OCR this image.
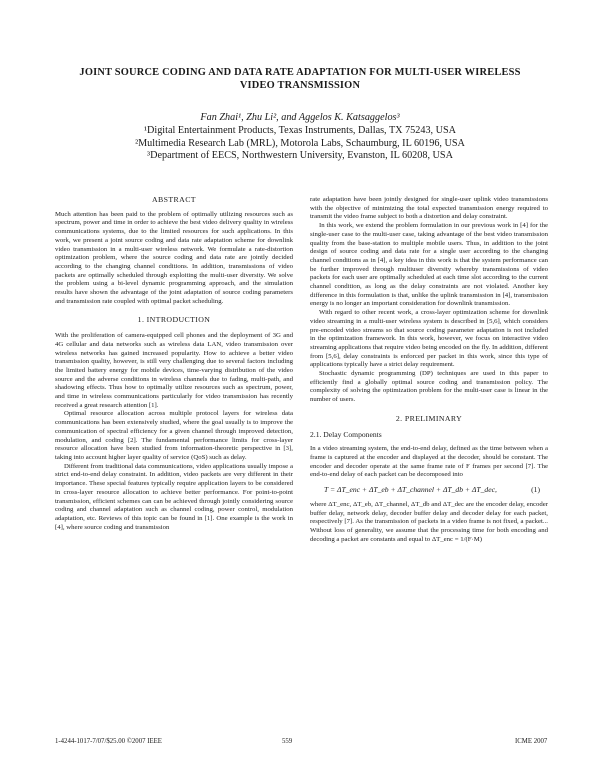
JOINT SOURCE CODING AND DATA RATE ADAPTATION FOR MULTI-USER WIRELESS
VIDEO TRANSMISSION

Fan Zhai¹, Zhu Li², and Aggelos K. Katsaggelos³

¹Digital Entertainment Products, Texas Instruments, Dallas, TX 75243, USA

²Multimedia Research Lab (MRL), Motorola Labs, Schaumburg, IL 60196, USA

³Department of EECS, Northwestern University, Evanston, IL 60208, USA

ABSTRACT

Much attention has been paid to the problem of optimally utilizing resources such as spectrum, power and time in order to achieve the best video delivery quality in wireless communications systems, due to the limited resources for such applications. In this work, we present a joint source coding and data rate adaptation scheme for downlink video transmission in a multi-user wireless network. We formulate a rate-distortion optimization problem, where the source coding and data rate are jointly decided according to the changing channel conditions. In addition, transmissions of video packets are optimally scheduled through exploiting the multi-user diversity. We solve the problem using a bi-level dynamic programming approach, and the simulation results have shown the advantage of the joint adaptation of source coding parameters and transmission rate coupled with optimal packet scheduling.

1. INTRODUCTION

With the proliferation of camera-equipped cell phones and the deployment of 3G and 4G cellular and data networks such as wireless data LAN, video transmission over wireless networks has gained increased popularity. How to achieve a better video transmission quality, however, is still very challenging due to several factors including the limited battery energy for mobile devices, time-varying distribution of the video source and the adverse conditions in wireless channels due to fading, multi-path, and shadowing effects. Thus how to optimally utilize resources such as spectrum, power, and time in wireless communications particularly for video transmission has recently received a great research attention [1].

Optimal resource allocation across multiple protocol layers for wireless data communications has been extensively studied, where the goal usually is to improve the communication of spectral efficiency for a given channel through improved detection, modulation, and coding [2]. The fundamental performance limits for cross-layer resource allocation have been studied from information-theoretic perspective in [3], taking into account higher layer quality of service (QoS) such as delay.

Different from traditional data communications, video applications usually impose a strict end-to-end delay constraint. In addition, video packets are very different in their importance. These special features typically require application layers to be considered in cross-layer resource allocation to achieve better performance. For point-to-point transmission, efficient schemes can can be achieved through jointly considering source coding and channel adaptation such as channel coding, power control, modulation adaptation, etc. Reviews of this topic can be found in [1]. One example is the work in [4], where source coding and transmission

rate adaptation have been jointly designed for single-user uplink video transmissions with the objective of minimizing the total expected transmission energy required to transmit the video frame subject to both a distortion and delay constraint.

In this work, we extend the problem formulation in our previous work in [4] for the single-user case to the multi-user case, taking advantage of the best video transmission quality from the base-station to multiple mobile users. Thus, in addition to the joint design of source coding and data rate for a single user according to the changing channel conditions as in [4], a key idea in this work is that the system performance can be further improved through multiuser diversity whereby transmissions of video packets for each user are optimally scheduled at each time slot according to the current channel condition, as long as the delay constraints are not violated. Another key difference in this formulation is that, unlike the uplink transmission in [4], transmission energy is no longer an important consideration for downlink transmission.

With regard to other recent work, a cross-layer optimization scheme for downlink video streaming in a multi-user wireless system is described in [5,6], which considers pre-encoded video streams so that source coding parameter adaptation is not included in the optimization framework. In this work, however, we focus on interactive video streaming applications that require video being encoded on the fly. In addition, different from [5,6], delay constraints is enforced per packet in this work, since this type of applications typically have a strict delay requirement.

Stochastic dynamic programming (DP) techniques are used in this paper to efficiently find a globally optimal source coding and transmission policy. The complexity of solving the optimization problem for the multi-user case is linear in the number of users.

2. PRELIMINARY
2.1. Delay Components

In a video streaming system, the end-to-end delay, defined as the time between when a frame is captured at the encoder and displayed at the decoder, should be constant. The encoder and decoder operate at the same frame rate of F frames per second [7]. The end-to-end delay of each packet can be decomposed into

T = ΔT_enc + ΔT_eb + ΔT_channel + ΔT_db + ΔT_dec,	(1)

where ΔT_enc, ΔT_eb, ΔT_channel, ΔT_db and ΔT_dec are the encoder delay, encoder buffer delay, network delay, decoder buffer delay and decoder delay for each packet, respectively [7]. As the transmission of packets in a video frame is not fixed, a packet... Without loss of generality, we assume that the processing time for both encoding and decoding a packet are constants and equal to ΔT_enc = 1/(F·M)

1-4244-1017-7/07/$25.00 ©2007 IEEE	559	ICME 2007
